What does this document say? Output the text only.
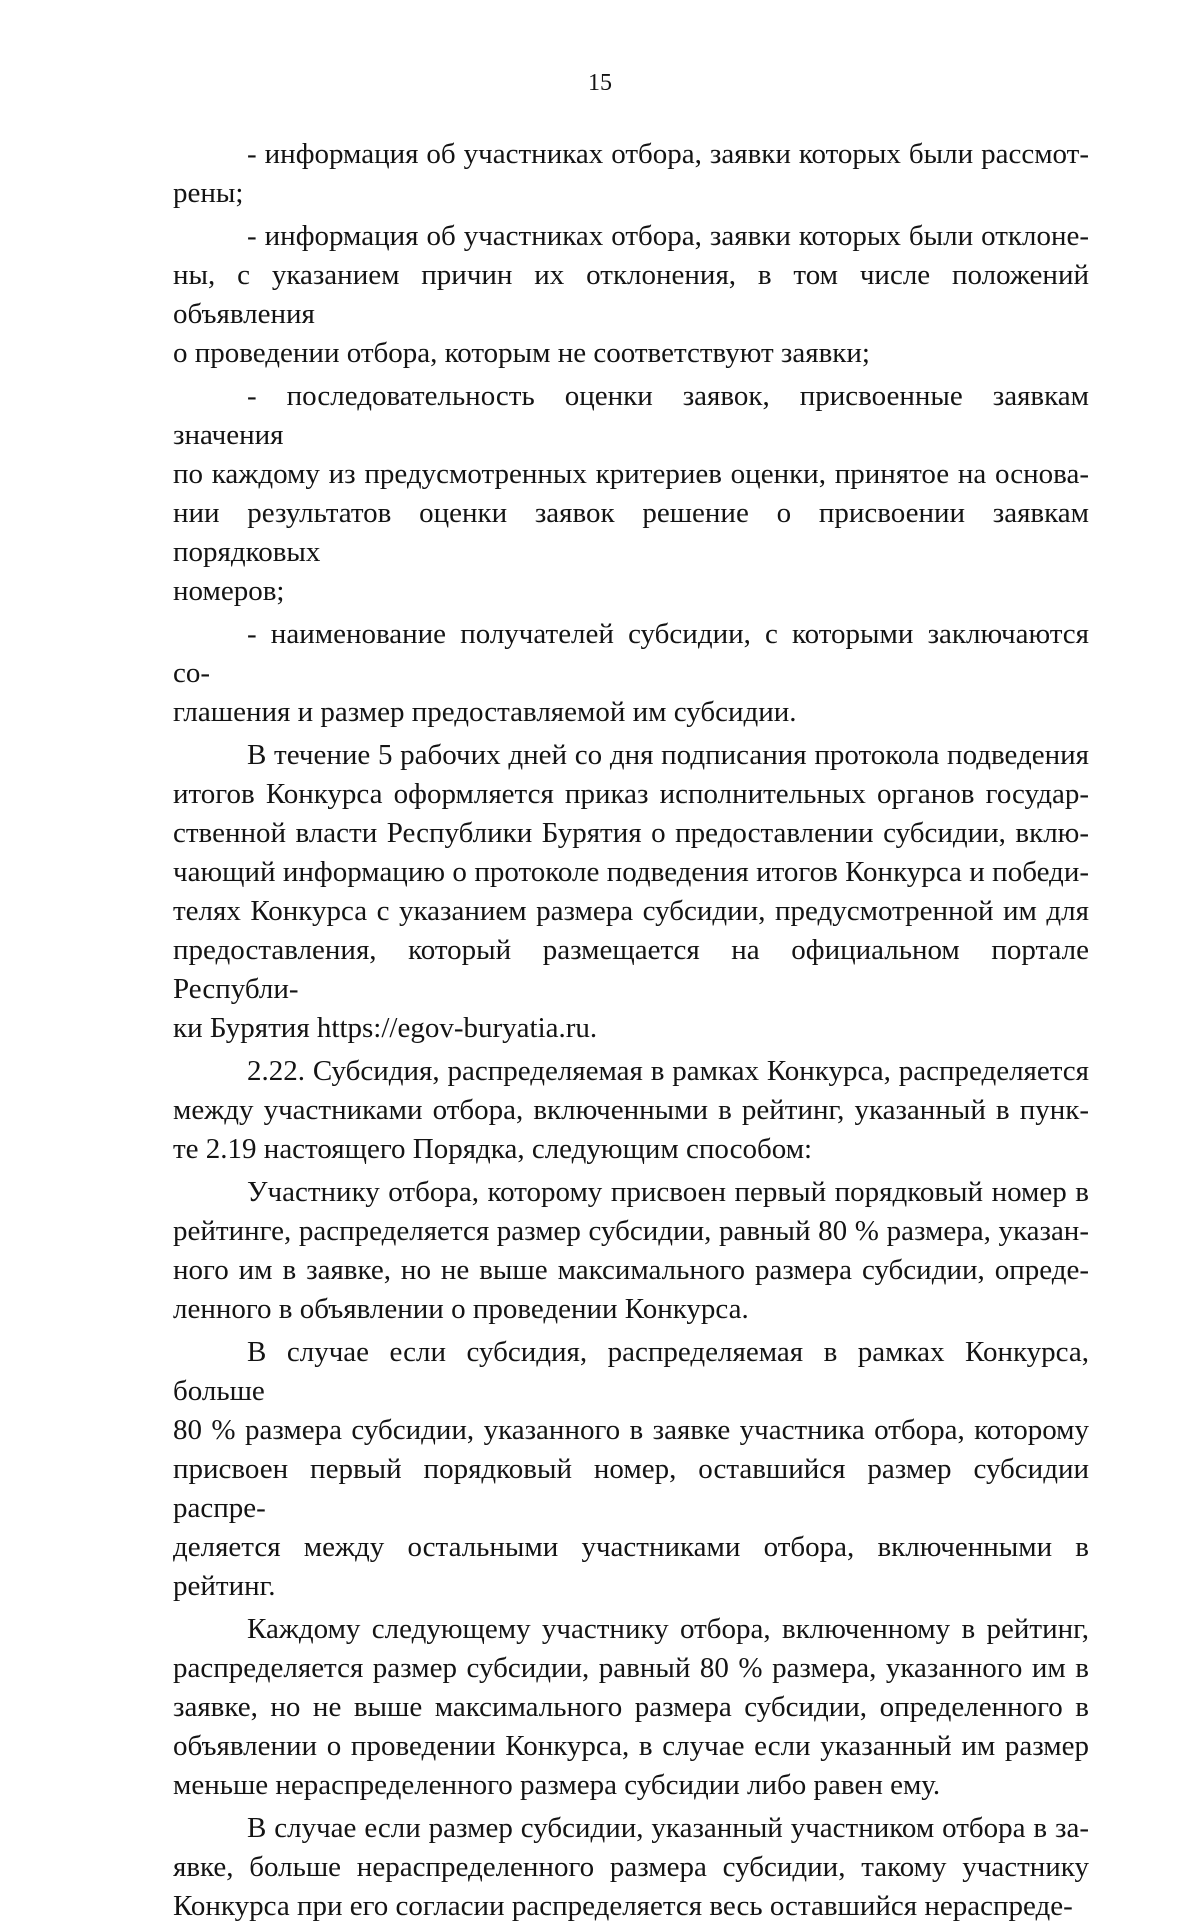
15
- информация об участниках отбора, заявки которых были рассмот-
рены;
- информация об участниках отбора, заявки которых были отклоне-
ны, с указанием причин их отклонения, в том числе положений объявления
о проведении отбора, которым не соответствуют заявки;
- последовательность оценки заявок, присвоенные заявкам значения
по каждому из предусмотренных критериев оценки, принятое на основа-
нии результатов оценки заявок решение о присвоении заявкам порядковых
номеров;
- наименование получателей субсидии, с которыми заключаются со-
глашения и размер предоставляемой им субсидии.
В течение 5 рабочих дней со дня подписания протокола подведения
итогов Конкурса оформляется приказ исполнительных органов государ-
ственной власти Республики Бурятия о предоставлении субсидии, вклю-
чающий информацию о протоколе подведения итогов Конкурса и победи-
телях Конкурса с указанием размера субсидии, предусмотренной им для
предоставления, который размещается на официальном портале Республи-
ки Бурятия https://egov-buryatia.ru.
2.22. Субсидия, распределяемая в рамках Конкурса, распределяется
между участниками отбора, включенными в рейтинг, указанный в пунк-
те 2.19 настоящего Порядка, следующим способом:
Участнику отбора, которому присвоен первый порядковый номер в
рейтинге, распределяется размер субсидии, равный 80 % размера, указан-
ного им в заявке, но не выше максимального размера субсидии, опреде-
ленного в объявлении о проведении Конкурса.
В случае если субсидия, распределяемая в рамках Конкурса, больше
80 % размера субсидии, указанного в заявке участника отбора, которому
присвоен первый порядковый номер, оставшийся размер субсидии распре-
деляется между остальными участниками отбора, включенными в рейтинг.
Каждому следующему участнику отбора, включенному в рейтинг,
распределяется размер субсидии, равный 80 % размера, указанного им в
заявке, но не выше максимального размера субсидии, определенного в
объявлении о проведении Конкурса, в случае если указанный им размер
меньше нераспределенного размера субсидии либо равен ему.
В случае если размер субсидии, указанный участником отбора в за-
явке, больше нераспределенного размера субсидии, такому участнику
Конкурса при его согласии распределяется весь оставшийся нераспреде-
